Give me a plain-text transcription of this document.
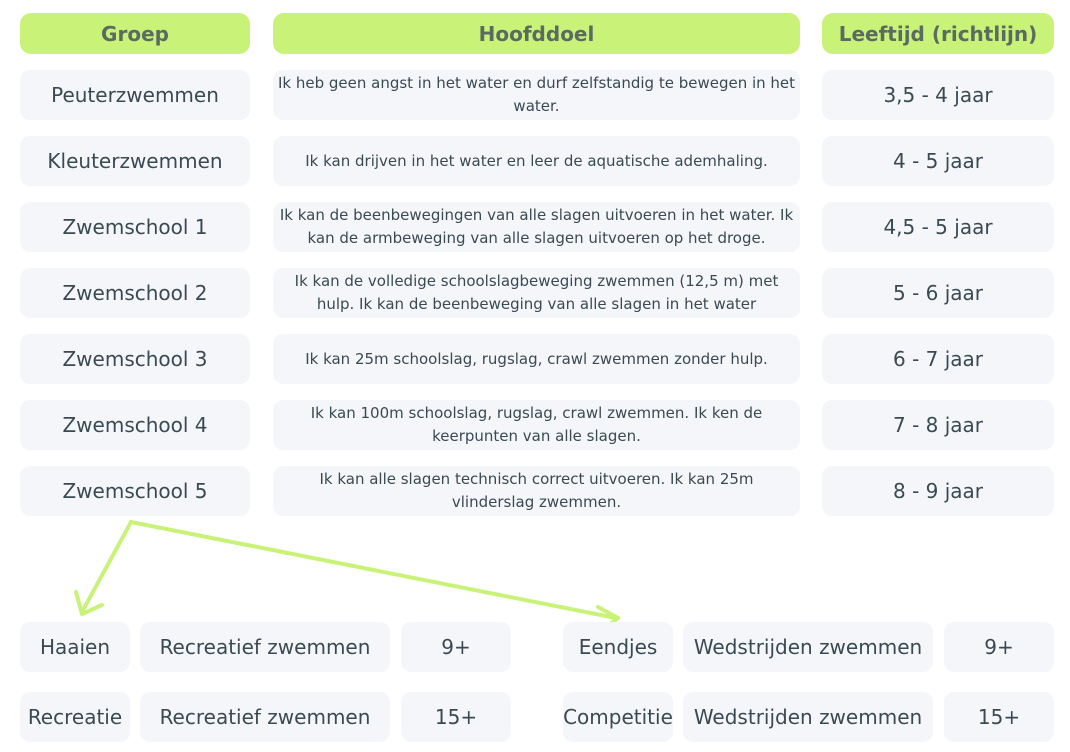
Groep	Hoofddoel	Leeftijd (richtlijn)
Peuterzwemmen	Ik heb geen angst in het water en durf zelfstandig te bewegen in het water.	3,5 - 4 jaar
Kleuterzwemmen	Ik kan drijven in het water en leer de aquatische ademhaling.	4 - 5 jaar
Zwemschool 1	Ik kan de beenbewegingen van alle slagen uitvoeren in het water. Ik kan de armbeweging van alle slagen uitvoeren op het droge.	4,5 - 5 jaar
Zwemschool 2	Ik kan de volledige schoolslagbeweging zwemmen (12,5 m) met hulp. Ik kan de beenbeweging van alle slagen in het water	5 - 6 jaar
Zwemschool 3	Ik kan 25m schoolslag, rugslag, crawl zwemmen zonder hulp.	6 - 7 jaar
Zwemschool 4	Ik kan 100m schoolslag, rugslag, crawl zwemmen. Ik ken de keerpunten van alle slagen.	7 - 8 jaar
Zwemschool 5	Ik kan alle slagen technisch correct uitvoeren. Ik kan 25m vlinderslag zwemmen.	8 - 9 jaar
Haaien	Recreatief zwemmen	9+
Recreatie	Recreatief zwemmen	15+
Eendjes	Wedstrijden zwemmen	9+
Competitie	Wedstrijden zwemmen	15+
